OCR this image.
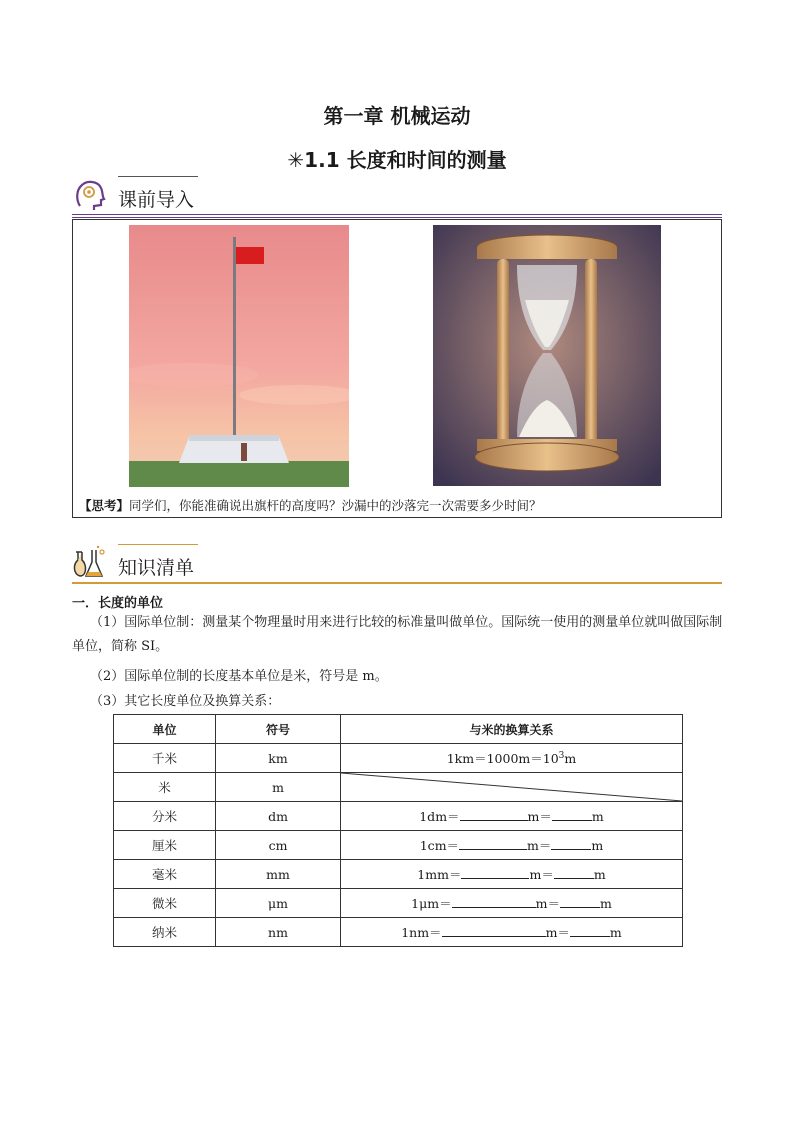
第一章 机械运动
✳1.1 长度和时间的测量
课前导入
【思考】同学们，你能准确说出旗杆的高度吗？沙漏中的沙落完一次需要多少时间？
知识清单
一．长度的单位
（1）国际单位制：测量某个物理量时用来进行比较的标准量叫做单位。国际统一使用的测量单位就叫做国际制单位，简称 SI。
（2）国际单位制的长度基本单位是米，符号是 m。
（3）其它长度单位及换算关系：
单位	符号	与米的换算关系
千米	km	$1km=1000m=10^3m$
米	m	

分米	dm	1dm＝ m＝ m
厘米	cm	1cm＝ m＝ m
毫米	mm	1mm＝ m＝ m
微米	μm	1μm＝ m＝ m
纳米	nm	1nm＝ m＝ m
